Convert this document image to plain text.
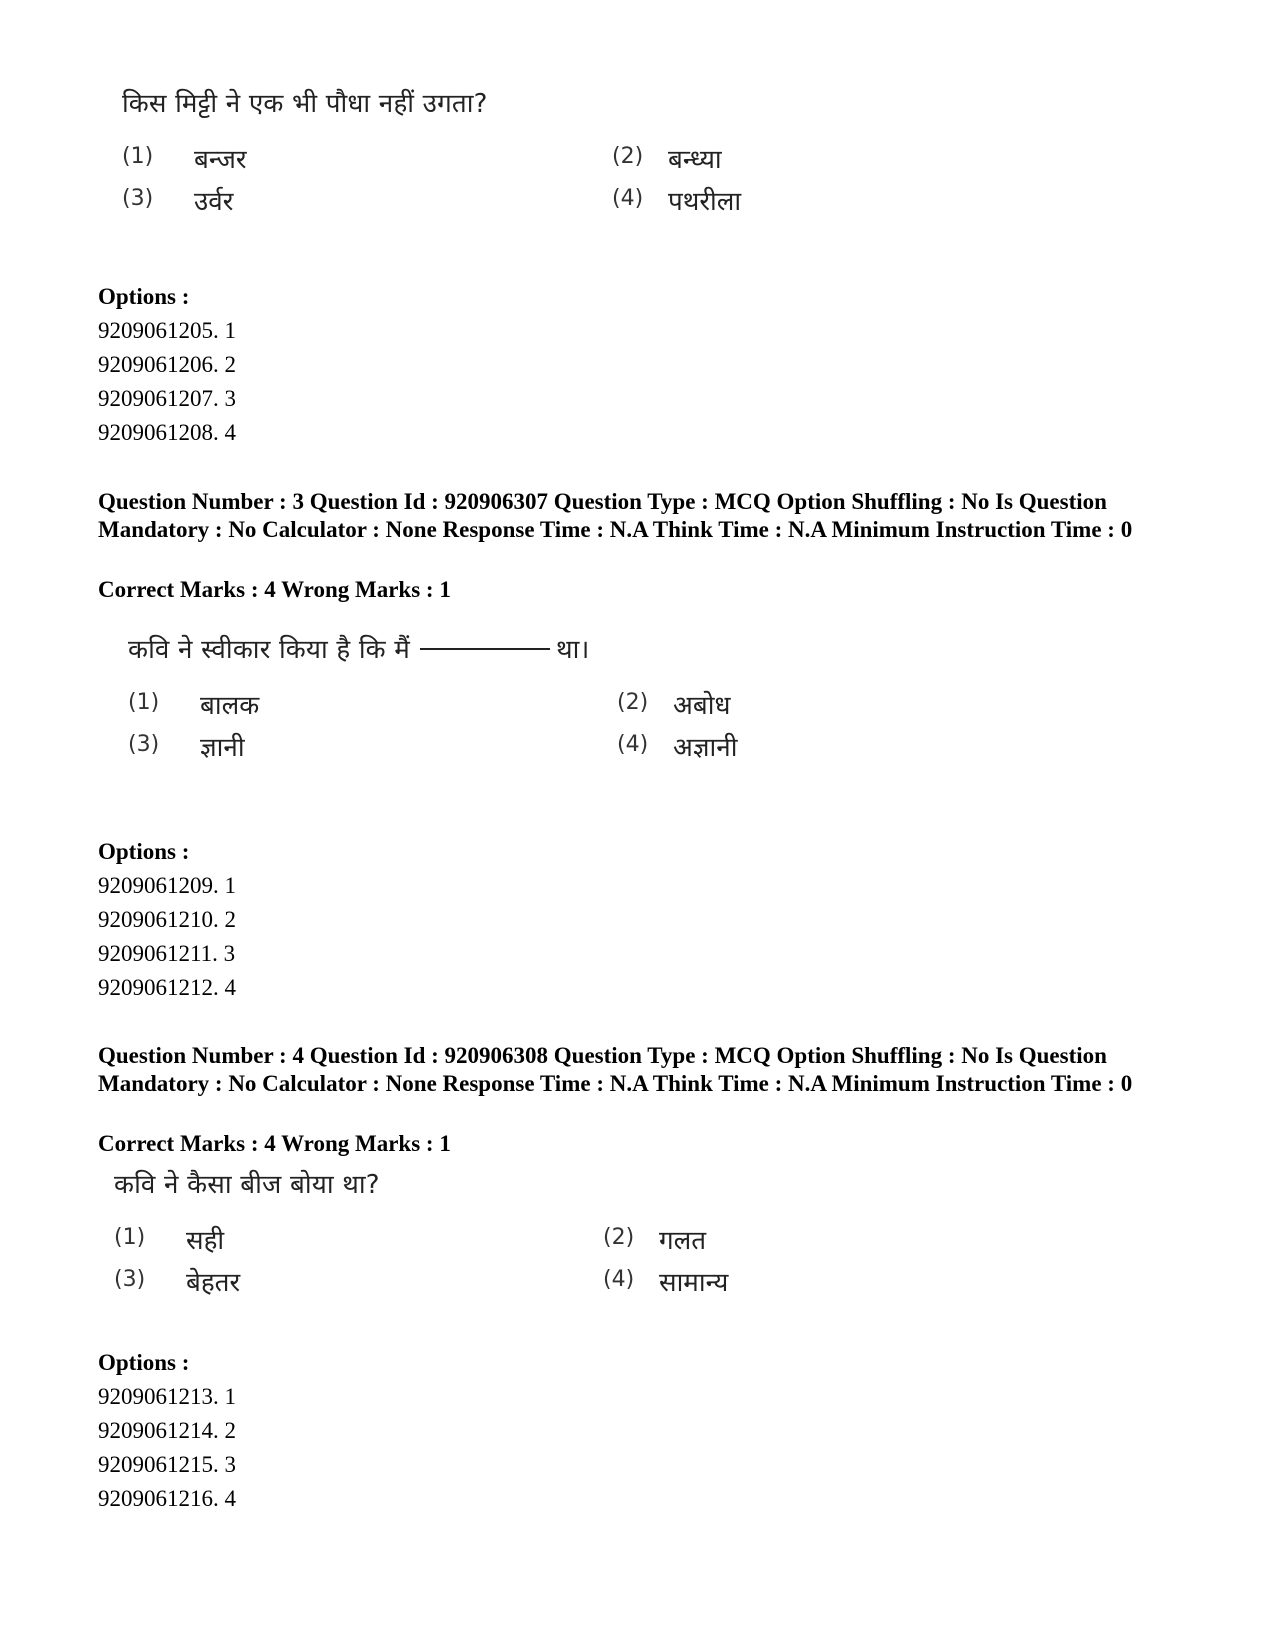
किस मिट्टी ने एक भी पौधा नहीं उगता?
(1) बन्जर	(2) बन्ध्या
(3) उर्वर	(4) पथरीला
Options :
9209061205. 1
9209061206. 2
9209061207. 3
9209061208. 4
Question Number : 3 Question Id : 920906307 Question Type : MCQ Option Shuffling : No Is Question Mandatory : No Calculator : None Response Time : N.A Think Time : N.A Minimum Instruction Time : 0
Correct Marks : 4 Wrong Marks : 1
कवि ने स्वीकार किया है कि मैं	था।
(1) बालक	(2) अबोध
(3) ज्ञानी	(4) अज्ञानी
Options :
9209061209. 1
9209061210. 2
9209061211. 3
9209061212. 4
Question Number : 4 Question Id : 920906308 Question Type : MCQ Option Shuffling : No Is Question Mandatory : No Calculator : None Response Time : N.A Think Time : N.A Minimum Instruction Time : 0
Correct Marks : 4 Wrong Marks : 1
कवि ने कैसा बीज बोया था?
(1) सही	(2) गलत
(3) बेहतर	(4) सामान्य
Options :
9209061213. 1
9209061214. 2
9209061215. 3
9209061216. 4
